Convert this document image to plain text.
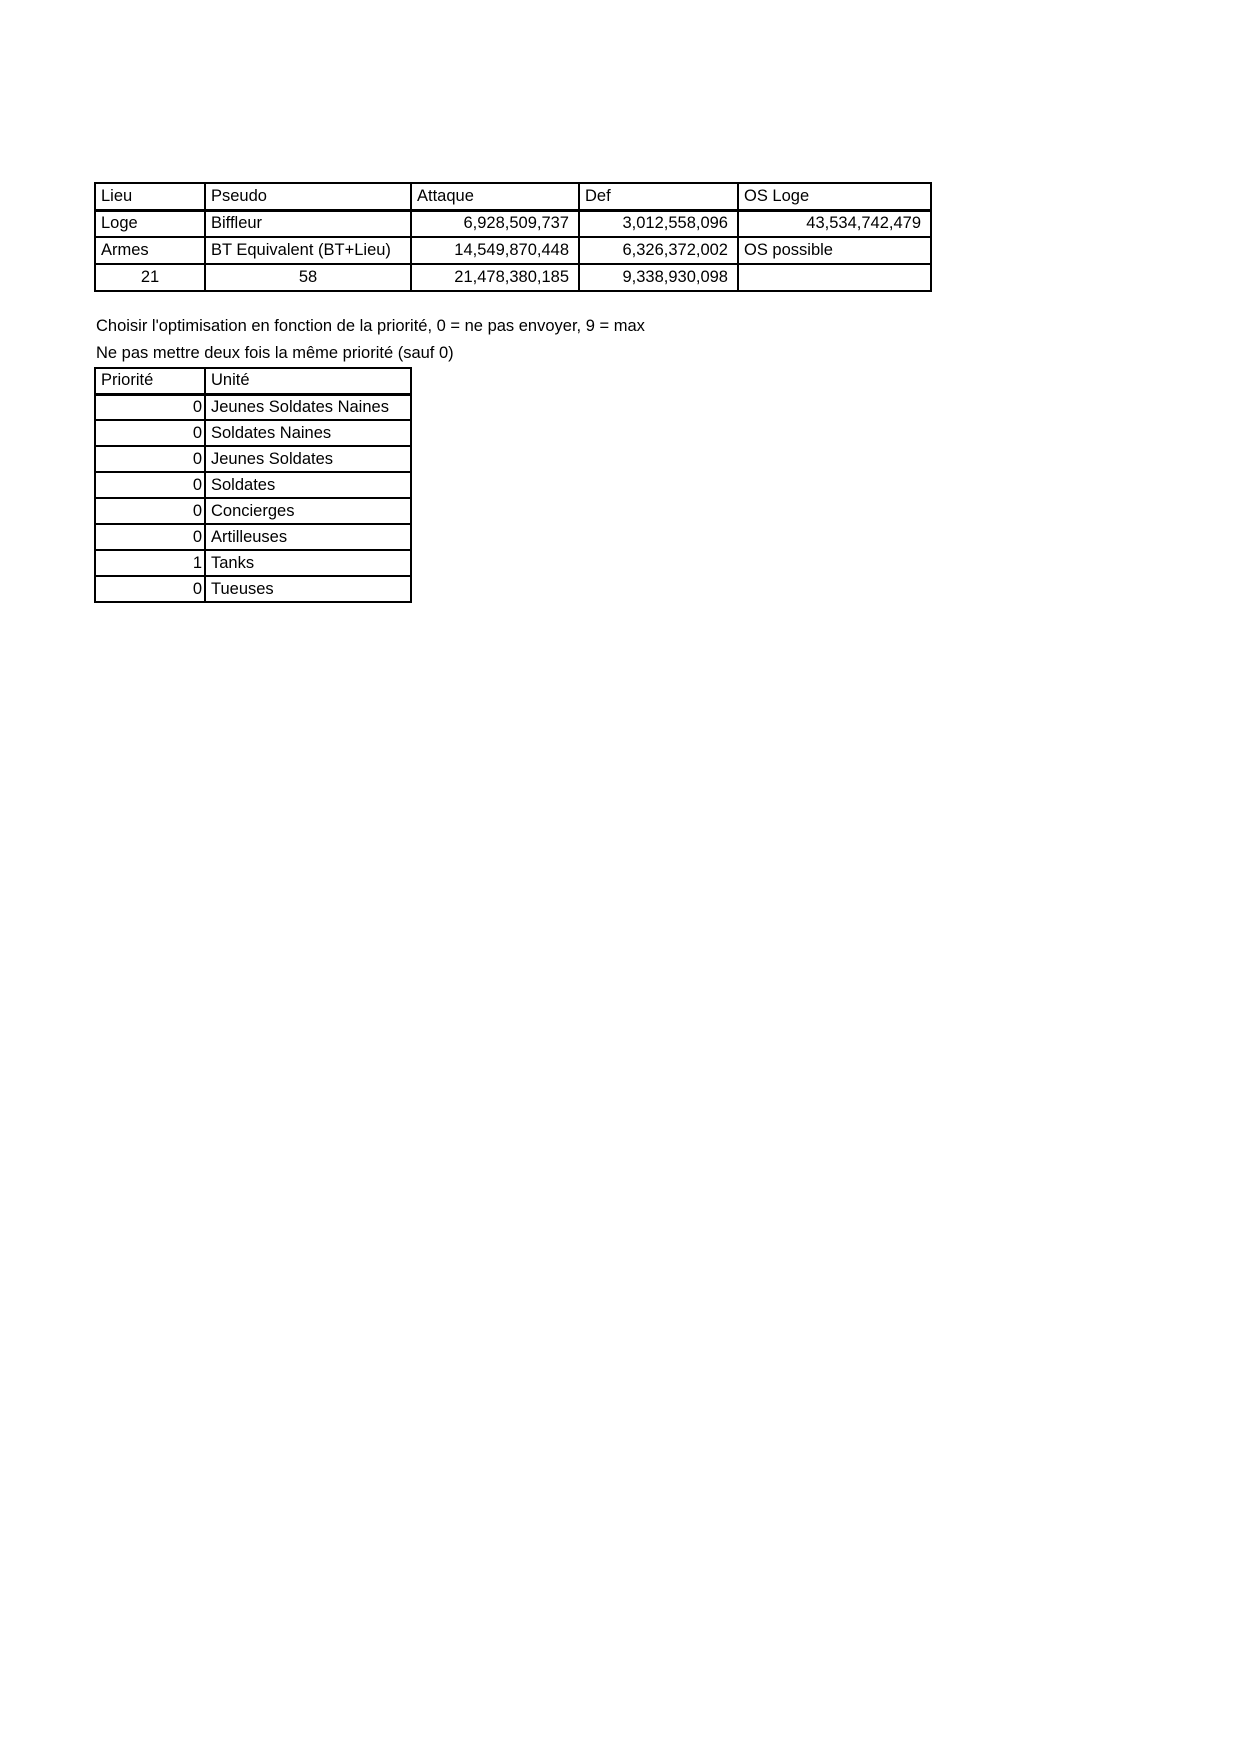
Lieu	Pseudo	Attaque	Def	OS Loge
Loge	Biffleur	6,928,509,737	3,012,558,096	43,534,742,479
Armes	BT Equivalent (BT+Lieu)	14,549,870,448	6,326,372,002	OS possible
21	58	21,478,380,185	9,338,930,098	
Choisir l'optimisation en fonction de la priorité, 0 = ne pas envoyer, 9 = max
Ne pas mettre deux fois la même priorité (sauf 0)
Priorité	Unité
0	Jeunes Soldates Naines
0	Soldates Naines
0	Jeunes Soldates
0	Soldates
0	Concierges
0	Artilleuses
1	Tanks
0	Tueuses
